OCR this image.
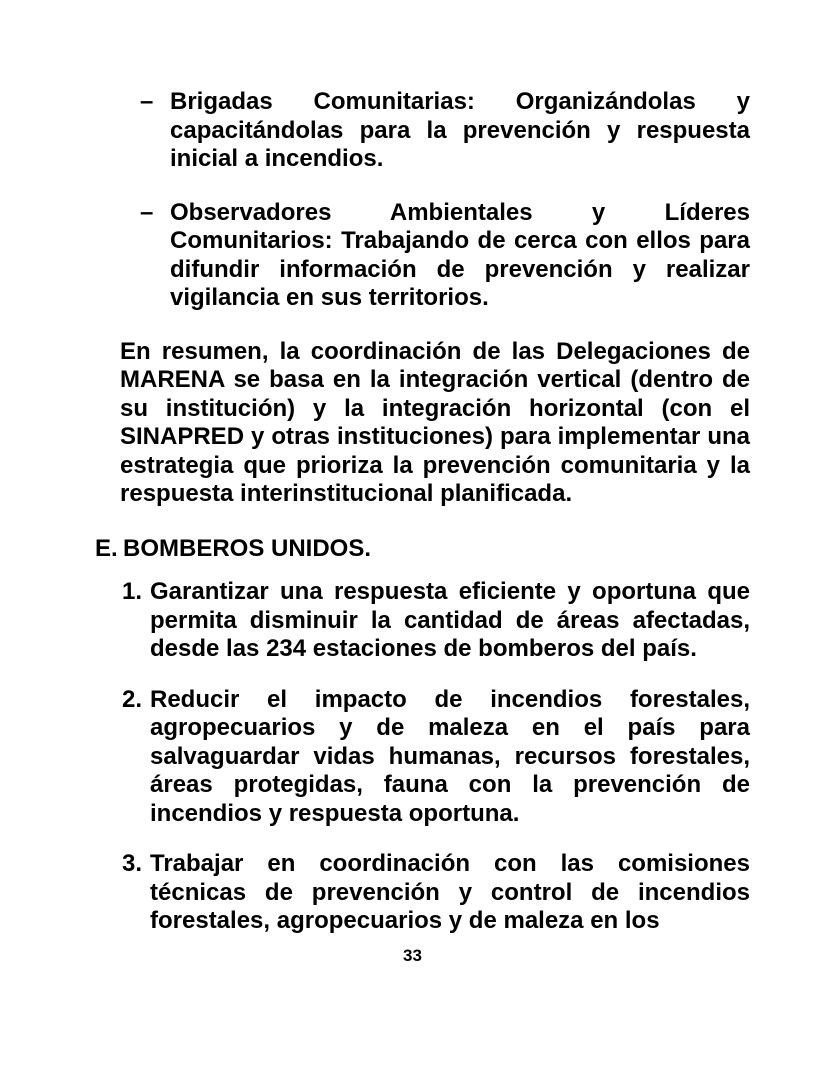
– Brigadas Comunitarias: Organizándolas y capacitándolas para la prevención y respuesta inicial a incendios.
– Observadores Ambientales y Líderes Comunitarios: Trabajando de cerca con ellos para difundir información de prevención y realizar vigilancia en sus territorios.

En resumen, la coordinación de las Delegaciones de MARENA se basa en la integración vertical (dentro de su institución) y la integración horizontal (con el SINAPRED y otras instituciones) para implementar una estrategia que prioriza la prevención comunitaria y la respuesta interinstitucional planificada.

E. BOMBEROS UNIDOS.
1. Garantizar una respuesta eficiente y oportuna que permita disminuir la cantidad de áreas afectadas, desde las 234 estaciones de bomberos del país.
2. Reducir el impacto de incendios forestales, agropecuarios y de maleza en el país para salvaguardar vidas humanas, recursos forestales, áreas protegidas, fauna con la prevención de incendios y respuesta oportuna.
3. Trabajar en coordinación con las comisiones técnicas de prevención y control de incendios forestales, agropecuarios y de maleza en los
33
